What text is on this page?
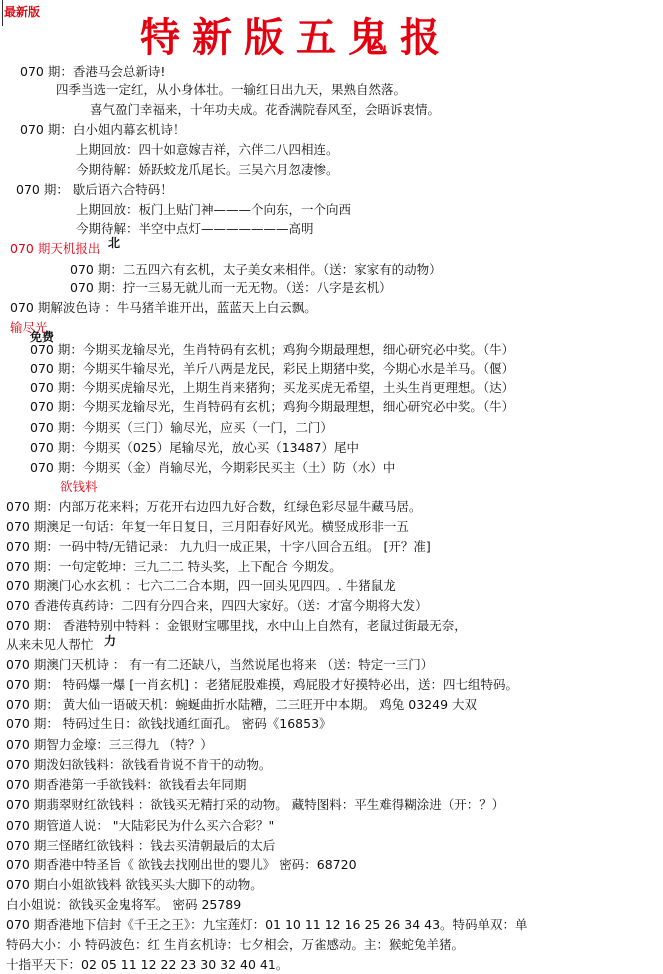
最新版
特新版五鬼报
070 期：香港马会总新诗!
四季当选一定红，从小身体壮。一输红日出九天，果熟自然落。
喜气盈门幸福来，十年功夫成。花香满院春风至，会晤诉衷情。
070 期：白小姐内幕玄机诗！
上期回放：四十如意嫁吉祥，六伴二八四相连。
今期待解：娇跃蛟龙爪尾长。三吴六月忽凄惨。
070 期： 歇后语六合特码！
上期回放：板门上贴门神———个向东，一个向西
今期待解：半空中点灯———————高明
北
070 期天机报出
070 期：二五四六有玄机，太子美女来相伴。（送：家家有的动物）
070 期：拧一三易无就儿而一无无物。（送：八字是玄机）
070 期解波色诗 ：牛马猪羊谁开出，蓝蓝天上白云飘。
输尽光
免费
070 期：今期买龙输尽光，生肖特码有玄机；鸡狗今期最理想，细心研究必中奖。（牛）
070 期：今期买牛输尽光，羊斤八两是龙民，彩民上期猪中奖，今期心水是羊马。（偃）
070 期：今期买虎输尽光，上期生肖来猪狗；买龙买虎无希望，土头生肖更理想。（达）
070 期：今期买龙输尽光，生肖特码有玄机；鸡狗今期最理想，细心研究必中奖。（牛）
070 期：今期买（三门）输尽光，应买（一门，二门）
070 期：今期买（025）尾输尽光，放心买（13487）尾中
070 期：今期买（金）肖输尽光，今期彩民买主（土）防（水）中
欲钱料
070 期：内部万花来料；万花开右边四九好合数，红绿色彩尽显牛藏马居。
070 期澳足一句话：年复一年日复日，三月阳春好风光。横竖成形非一五
070 期：一码中特/无错记录： 九九归一成正果，十字八回合五组。 [开？准]
070 期：一句定乾坤：三九二二 特头奖，上下配合 今期发。
070 期澳门心水玄机 ：七六二二合本期，四一回头见四四。. 牛猪鼠龙
070 香港传真药诗：二四有分四合来，四四大家好。（送：才富今期将大发）
070 期： 香港特别中特料 ：金银财宝哪里找，水中山上自然有，老鼠过街最无奈，
从来未见人帮忙 力
070 期澳门天机诗 ： 有一有二还缺八，当然说尾也将来 （送：特定一三门）
070 期： 特码爆一爆 [一肖玄机] ：老猪屁股难摸，鸡屁股才好摸特必出，送：四七组特码。
070 期： 黄大仙一语破天机：蜿蜒曲折水陆糟，二三旺开中本期。 鸡兔 03249 大双
070 期： 特码过生日：欲钱找通红面孔。 密码《16853》
070 期智力金壕：三三得九 （特？）
070 期泼妇欲钱料：欲钱看肯说不肯干的动物。
070 期香港第一手欲钱料：欲钱看去年同期
070 期翡翠财红欲钱料 ：欲钱买无精打采的动物。 藏特图料：平生难得糊涂进（开：？）
070 期管道人说： "大陆彩民为什么买六合彩？"
070 期三怪睹红欲钱料 ：钱去买清朝最后的太后
070 期香港中特圣旨《 欲钱去找刚出世的婴儿》 密码：68720
070 期白小姐欲钱料 欲钱买头大脚下的动物。
白小姐说：欲钱买金鬼将军。 密码 25789
070 期香港地下信封《千王之王》：九宝莲灯：01 10 11 12 16 25 26 34 43。特码单双：单
特码大小：小 特码波色：红 生肖玄机诗：七夕相会，万雀感动。主：猴蛇兔羊猪。
十指平天下：02 05 11 12 22 23 30 32 40 41。
